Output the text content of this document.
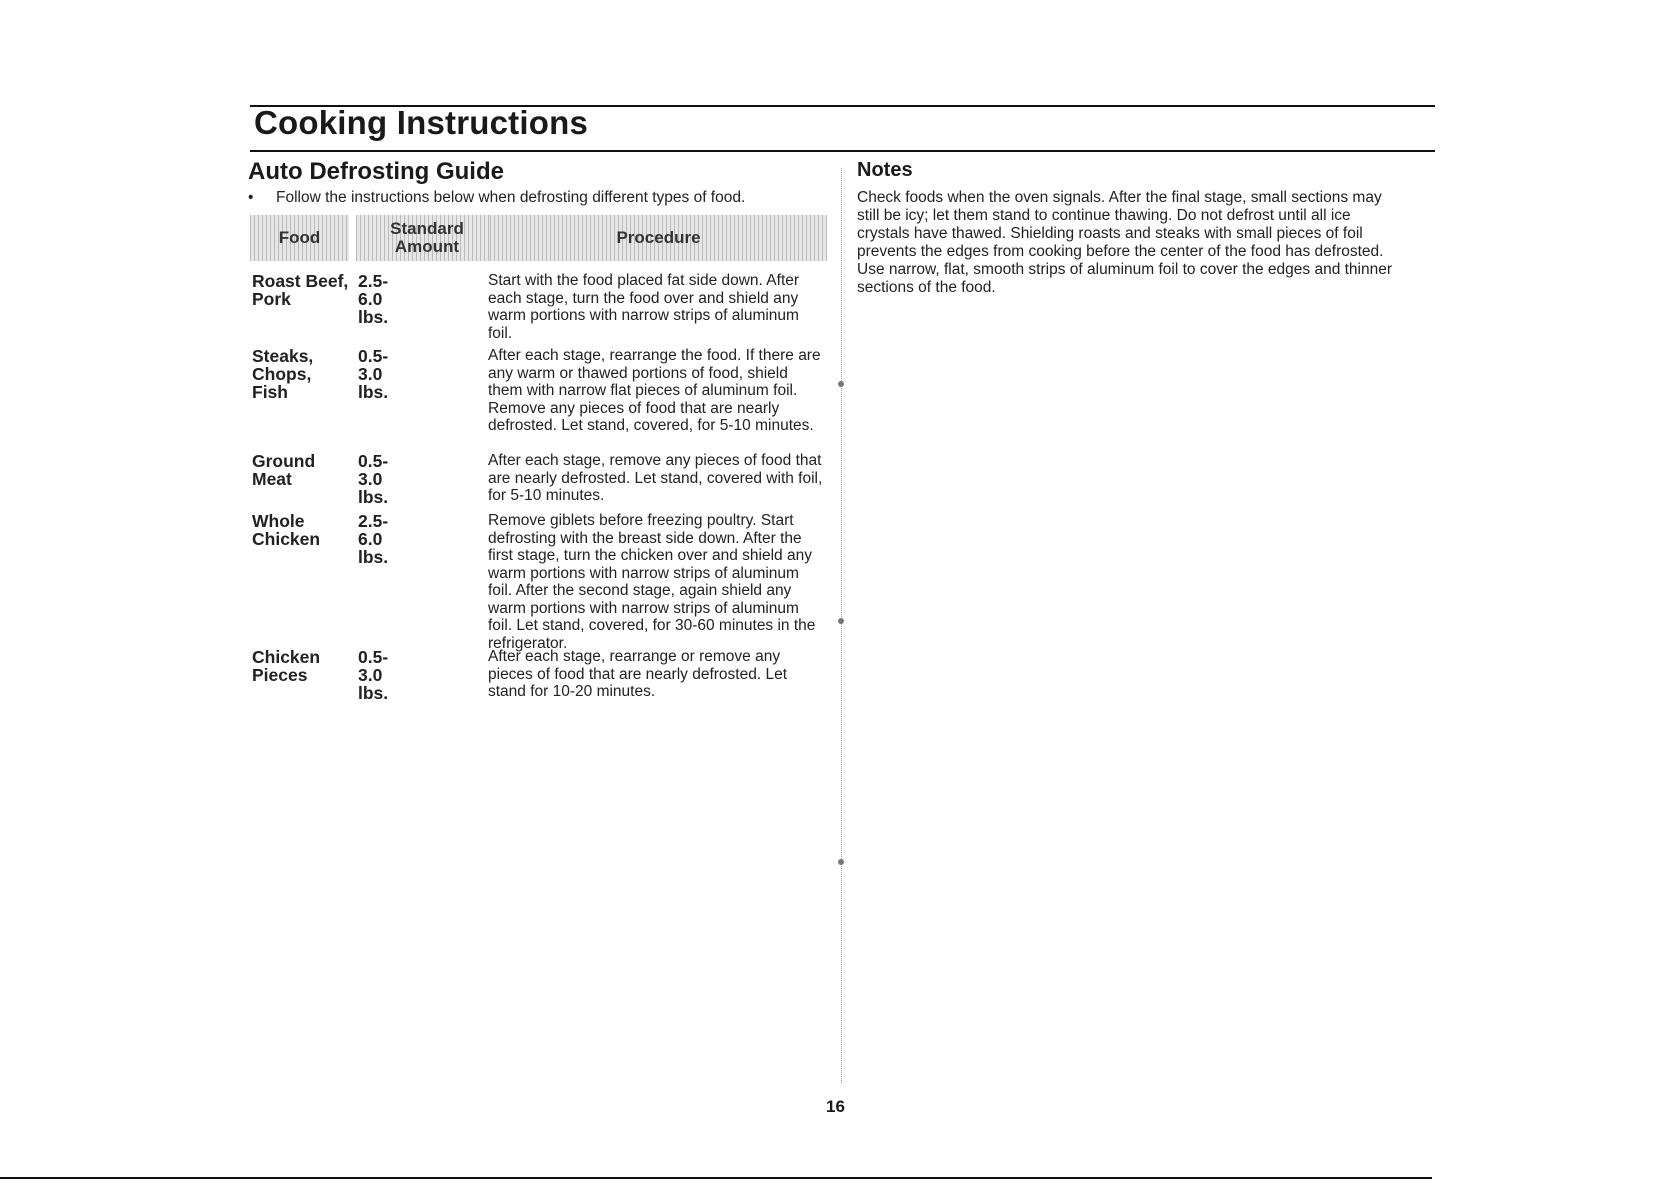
Cooking Instructions
Auto Defrosting Guide
• Follow the instructions below when defrosting different types of food.
Food	Standard Amount	Procedure
Roast Beef, Pork
2.5-6.0 lbs.
Start with the food placed fat side down. After each stage, turn the food over and shield any warm portions with narrow strips of aluminum foil.
Steaks, Chops, Fish
0.5-3.0 lbs.
After each stage, rearrange the food. If there are any warm or thawed portions of food, shield them with narrow flat pieces of aluminum foil. Remove any pieces of food that are nearly defrosted. Let stand, covered, for 5-10 minutes.
Ground Meat
0.5-3.0 lbs.
After each stage, remove any pieces of food that are nearly defrosted. Let stand, covered with foil, for 5-10 minutes.
Whole Chicken
2.5-6.0 lbs.
Remove giblets before freezing poultry. Start defrosting with the breast side down. After the first stage, turn the chicken over and shield any warm portions with narrow strips of aluminum foil. After the second stage, again shield any warm portions with narrow strips of aluminum foil. Let stand, covered, for 30-60 minutes in the refrigerator.
Chicken Pieces
0.5-3.0 lbs.
After each stage, rearrange or remove any pieces of food that are nearly defrosted. Let stand for 10-20 minutes.
Notes
Check foods when the oven signals. After the final stage, small sections may still be icy; let them stand to continue thawing. Do not defrost until all ice crystals have thawed. Shielding roasts and steaks with small pieces of foil prevents the edges from cooking before the center of the food has defrosted. Use narrow, flat, smooth strips of aluminum foil to cover the edges and thinner sections of the food.
16
